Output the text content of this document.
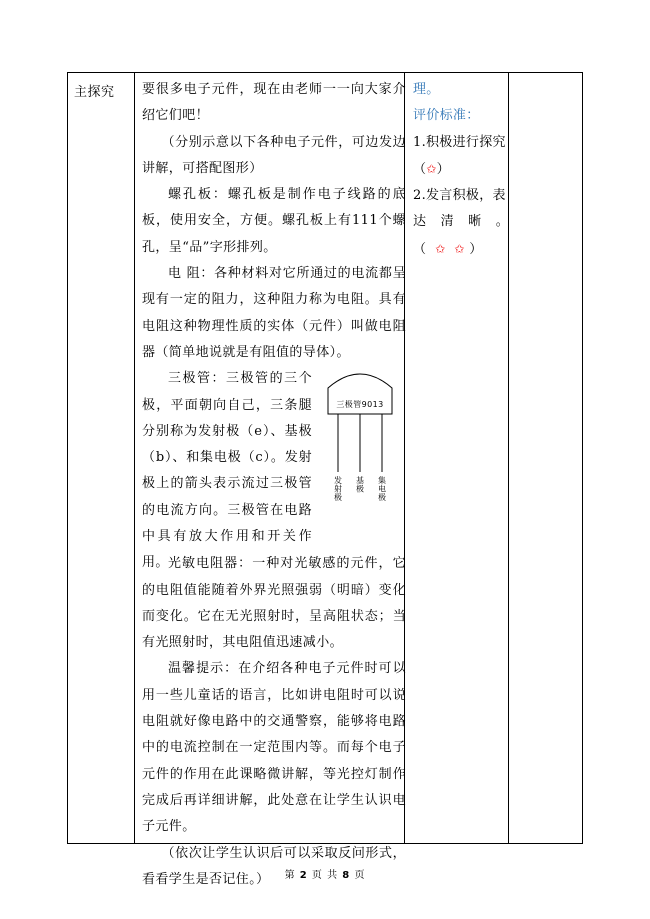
主探究 要很多电子元件，现在由老师一一向大家介绍它们吧！

（分别示意以下各种电子元件，可边发边讲解，可搭配图形）

螺孔板：螺孔板是制作电子线路的底板，使用安全，方便。螺孔板上有111个螺孔，呈“品”字形排列。

电 阻：各种材料对它所通过的电流都呈现有一定的阻力，这种阻力称为电阻。具有电阻这种物理性质的实体（元件）叫做电阻器（简单地说就是有阻值的导体）。

三极管：三极管的三个极，平面朝向自己，三条腿分别称为发射极（e）、基极（b）、和集电极（c）。发射极上的箭头表示流过三极管的电流方向。三极管在电路中具有放大作用和开关作用。
三极管9013
发射极 基极 集电极

光敏电阻器：一种对光敏感的元件，它的电阻值能随着外界光照强弱（明暗）变化而变化。它在无光照射时，呈高阻状态；当有光照射时，其电阻值迅速减小。

温馨提示：在介绍各种电子元件时可以用一些儿童话的语言，比如讲电阻时可以说电阻就好像电路中的交通警察，能够将电路中的电流控制在一定范围内等。而每个电子元件的作用在此课略微讲解，等光控灯制作完成后再详细讲解，此处意在让学生认识电子元件。

（依次让学生认识后可以采取反问形式，看看学生是否记住。）

理。

评价标准：

1.积极进行探究

（✩）

2.发言积极，表

达 清 晰 。

（ ✩ ✩ ）

第 2 页 共 8 页
